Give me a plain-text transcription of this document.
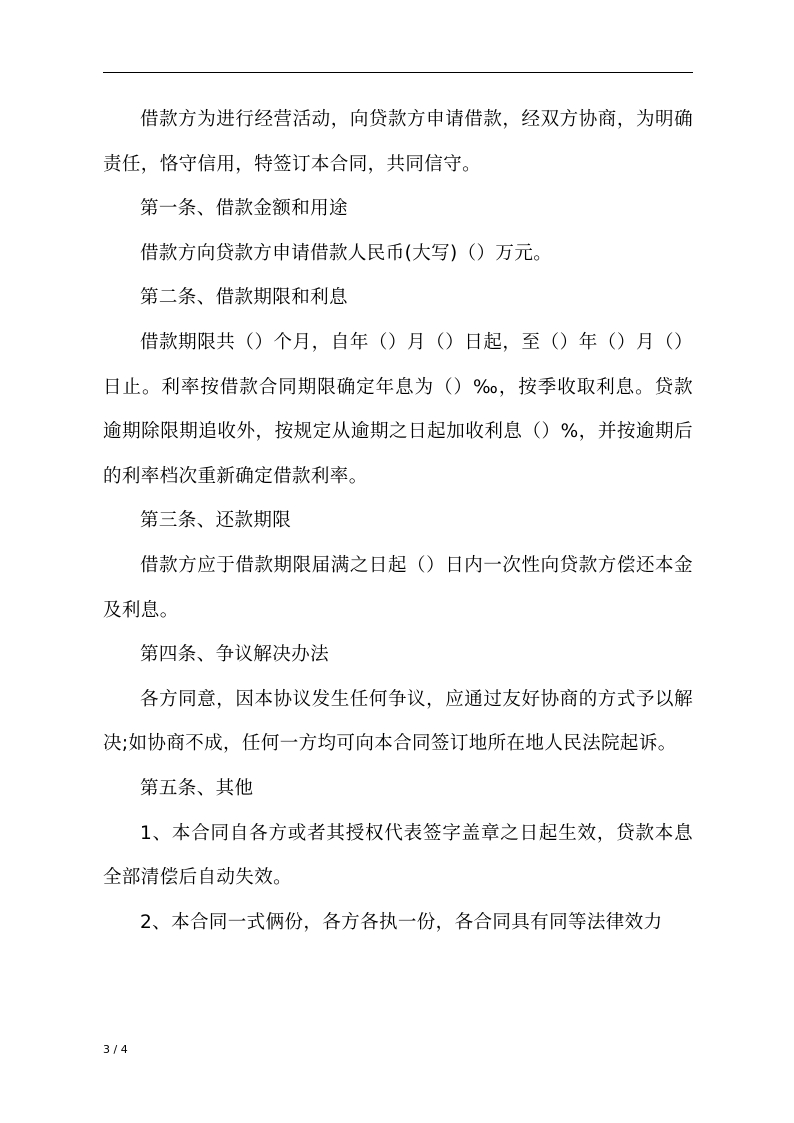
借款方为进行经营活动，向贷款方申请借款，经双方协商，为明确责任，恪守信用，特签订本合同，共同信守。

第一条、借款金额和用途

借款方向贷款方申请借款人民币(大写)（）万元。

第二条、借款期限和利息

借款期限共（）个月，自年（）月（）日起，至（）年（）月（）日止。利率按借款合同期限确定年息为（）‰，按季收取利息。贷款逾期除限期追收外，按规定从逾期之日起加收利息（）%，并按逾期后的利率档次重新确定借款利率。

第三条、还款期限

借款方应于借款期限届满之日起（）日内一次性向贷款方偿还本金及利息。

第四条、争议解决办法

各方同意，因本协议发生任何争议，应通过友好协商的方式予以解决;如协商不成，任何一方均可向本合同签订地所在地人民法院起诉。

第五条、其他

1、本合同自各方或者其授权代表签字盖章之日起生效，贷款本息全部清偿后自动失效。

2、本合同一式俩份，各方各执一份，各合同具有同等法律效力

3 / 4
